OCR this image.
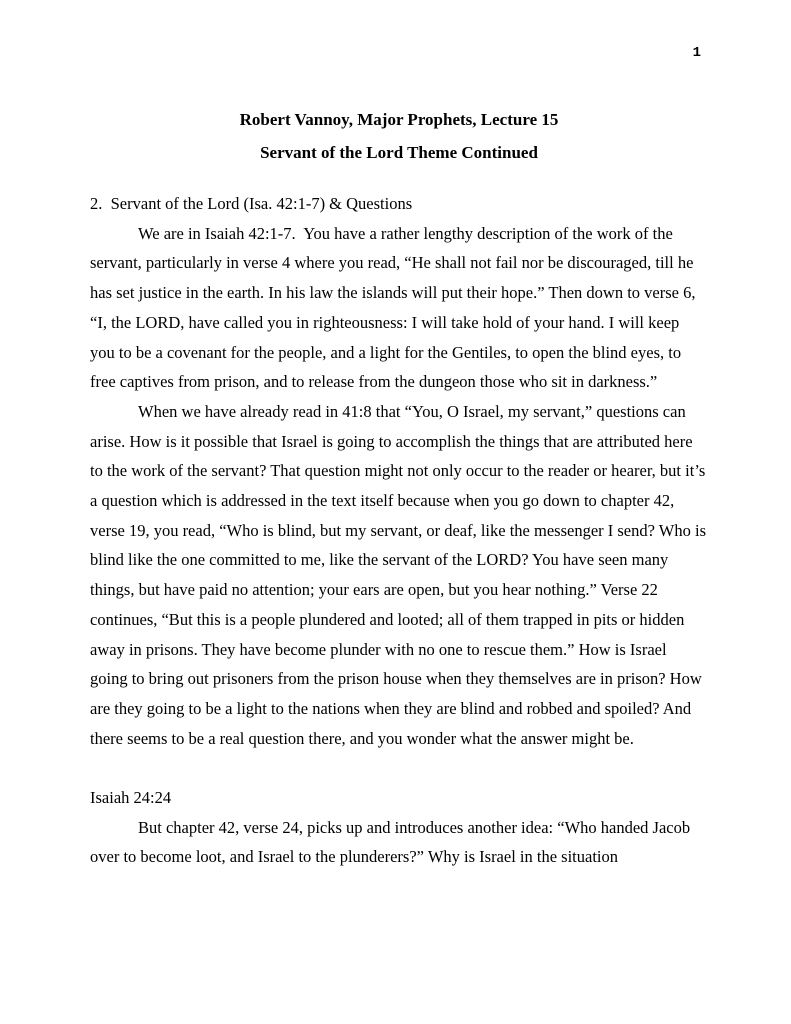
1
Robert Vannoy, Major Prophets, Lecture 15
Servant of the Lord Theme Continued
2.  Servant of the Lord (Isa. 42:1-7) & Questions

We are in Isaiah 42:1-7.  You have a rather lengthy description of the work of the servant, particularly in verse 4 where you read, “He shall not fail nor be discouraged, till he has set justice in the earth. In his law the islands will put their hope.” Then down to verse 6, “I, the LORD, have called you in righteousness: I will take hold of your hand. I will keep you to be a covenant for the people, and a light for the Gentiles, to open the blind eyes, to free captives from prison, and to release from the dungeon those who sit in darkness.”

When we have already read in 41:8 that “You, O Israel, my servant,” questions can arise. How is it possible that Israel is going to accomplish the things that are attributed here to the work of the servant? That question might not only occur to the reader or hearer, but it’s a question which is addressed in the text itself because when you go down to chapter 42, verse 19, you read, “Who is blind, but my servant, or deaf, like the messenger I send? Who is blind like the one committed to me, like the servant of the LORD? You have seen many things, but have paid no attention; your ears are open, but you hear nothing.” Verse 22 continues, “But this is a people plundered and looted; all of them trapped in pits or hidden away in prisons. They have become plunder with no one to rescue them.” How is Israel going to bring out prisoners from the prison house when they themselves are in prison? How are they going to be a light to the nations when they are blind and robbed and spoiled? And there seems to be a real question there, and you wonder what the answer might be.

Isaiah 24:24

But chapter 42, verse 24, picks up and introduces another idea: “Who handed Jacob over to become loot, and Israel to the plunderers?” Why is Israel in the situation
